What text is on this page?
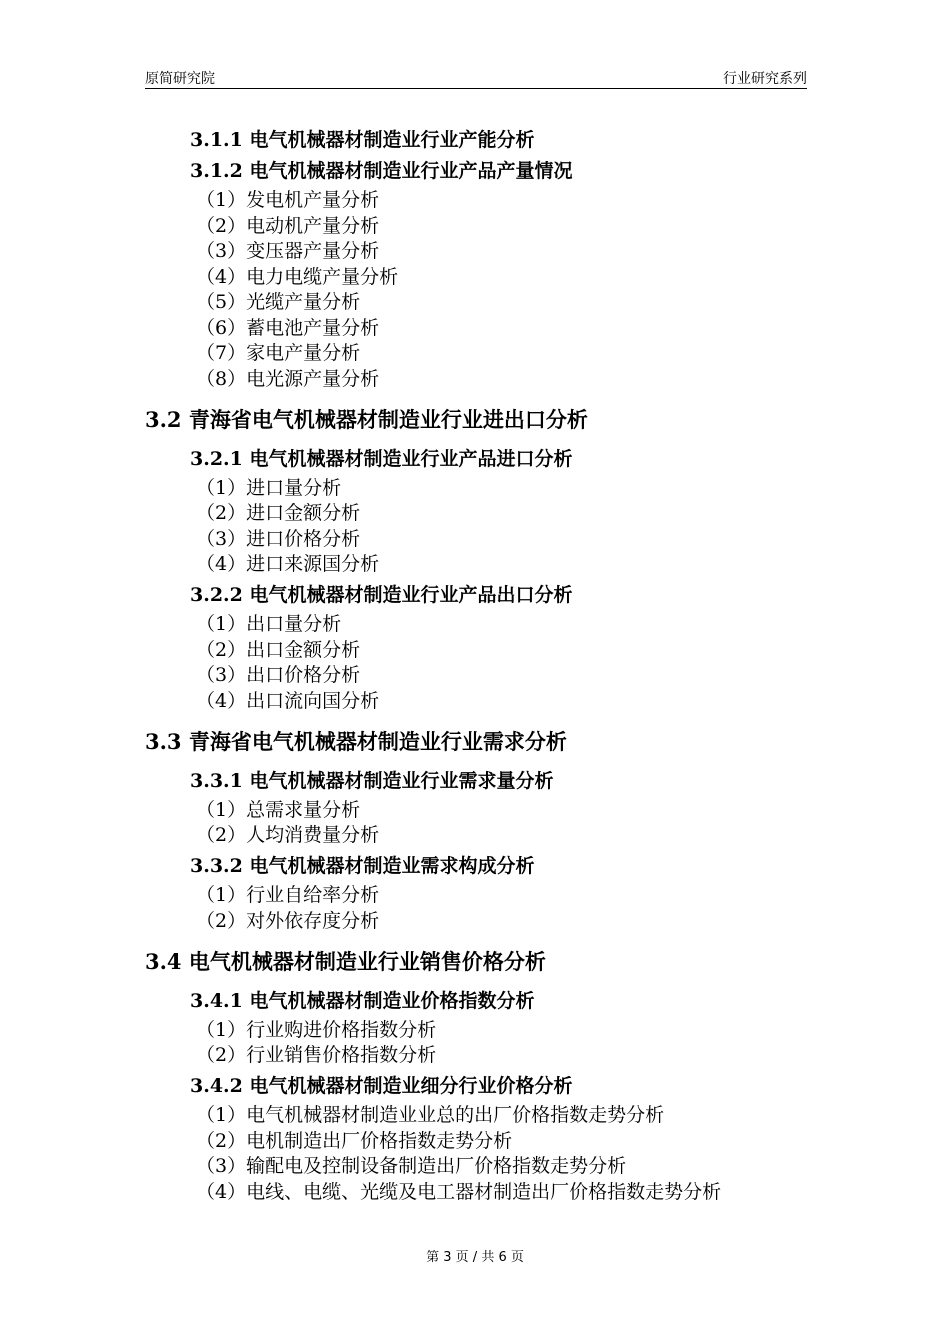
原简研究院	行业研究系列
3.1.1 电气机械器材制造业行业产能分析
3.1.2 电气机械器材制造业行业产品产量情况
（1）发电机产量分析
（2）电动机产量分析
（3）变压器产量分析
（4）电力电缆产量分析
（5）光缆产量分析
（6）蓄电池产量分析
（7）家电产量分析
（8）电光源产量分析
3.2 青海省电气机械器材制造业行业进出口分析
3.2.1 电气机械器材制造业行业产品进口分析
（1）进口量分析
（2）进口金额分析
（3）进口价格分析
（4）进口来源国分析
3.2.2 电气机械器材制造业行业产品出口分析
（1）出口量分析
（2）出口金额分析
（3）出口价格分析
（4）出口流向国分析
3.3 青海省电气机械器材制造业行业需求分析
3.3.1 电气机械器材制造业行业需求量分析
（1）总需求量分析
（2）人均消费量分析
3.3.2 电气机械器材制造业需求构成分析
（1）行业自给率分析
（2）对外依存度分析
3.4 电气机械器材制造业行业销售价格分析
3.4.1 电气机械器材制造业价格指数分析
（1）行业购进价格指数分析
（2）行业销售价格指数分析
3.4.2 电气机械器材制造业细分行业价格分析
（1）电气机械器材制造业业总的出厂价格指数走势分析
（2）电机制造出厂价格指数走势分析
（3）输配电及控制设备制造出厂价格指数走势分析
（4）电线、电缆、光缆及电工器材制造出厂价格指数走势分析
第 3 页 / 共 6 页
